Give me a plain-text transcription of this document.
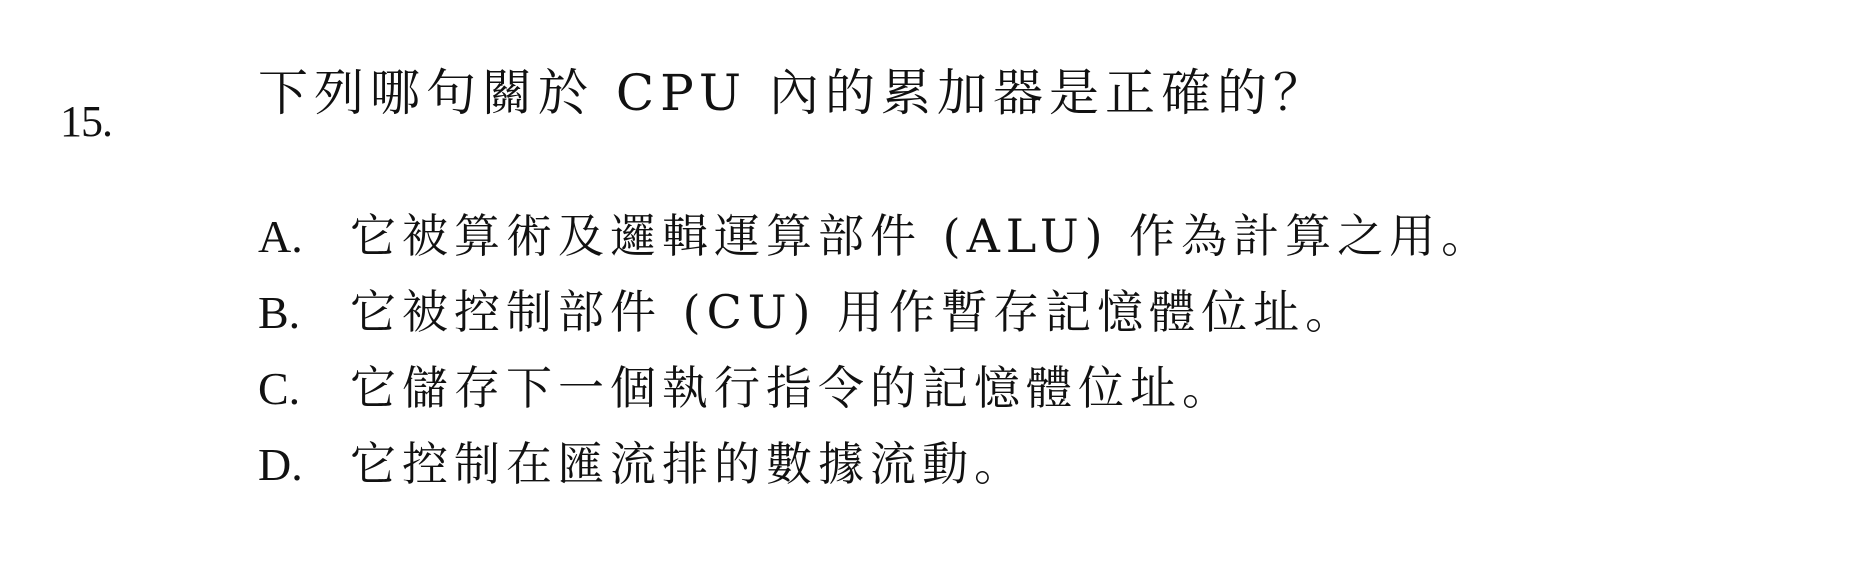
15.	下列哪句關於 CPU 內的累加器是正確的？
A.	它被算術及邏輯運算部件 (ALU) 作為計算之用。
B.	它被控制部件 (CU) 用作暫存記憶體位址。
C.	它儲存下一個執行指令的記憶體位址。
D.	它控制在匯流排的數據流動。
